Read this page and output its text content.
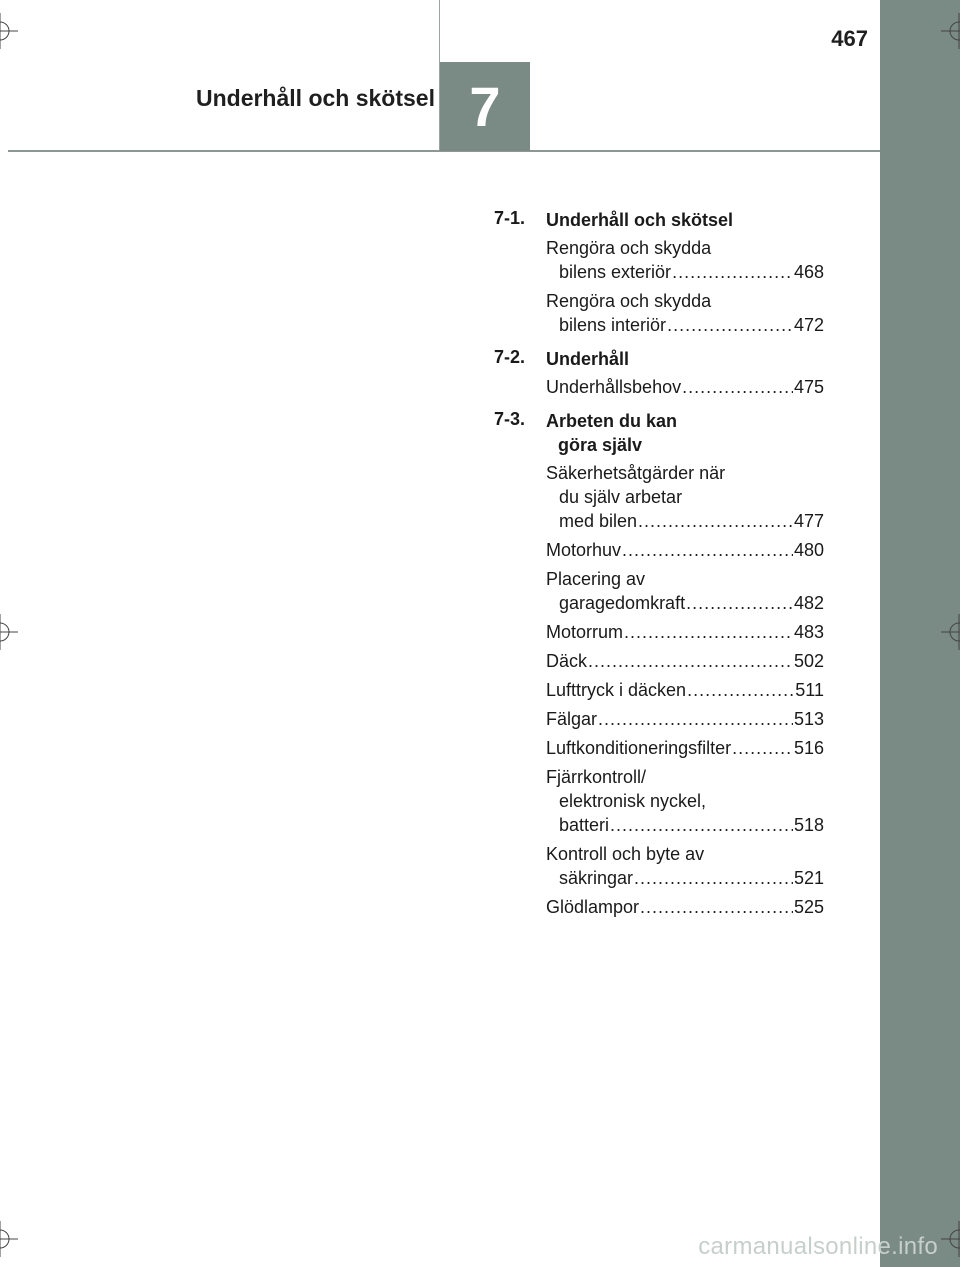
467
Underhåll och skötsel 7
7-1.	Underhåll och skötsel
Rengöra och skydda
bilens exteriör .....	468
Rengöra och skydda
bilens interiör .....	472
7-2.	Underhåll
Underhållsbehov .....	475
7-3.	Arbeten du kan
göra själv
Säkerhetsåtgärder när
du själv arbetar
med bilen .....	477
Motorhuv .....	480
Placering av
garagedomkraft .....	482
Motorrum .....	483
Däck .....	502
Lufttryck i däcken .....	511
Fälgar .....	513
Luftkonditioneringsfilter .....	516
Fjärrkontroll/
elektronisk nyckel,
batteri .....	518
Kontroll och byte av
säkringar .....	521
Glödlampor .....	525
carmanualsonline.info
